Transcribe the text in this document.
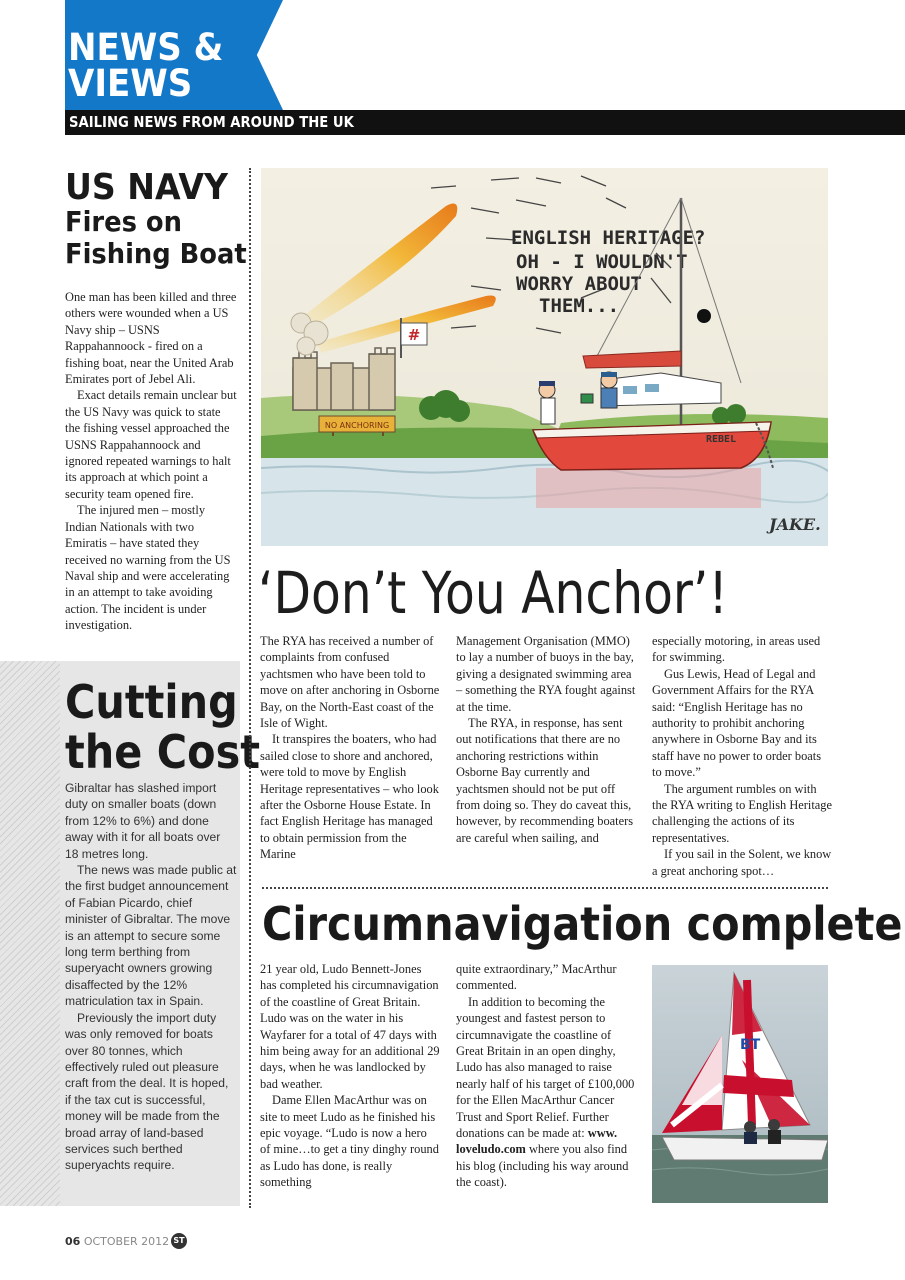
NEWS & VIEWS
SAILING NEWS FROM AROUND THE UK
US NAVY
Fires on
Fishing Boat

One man has been killed and three others were wounded when a US Navy ship – USNS Rappahannoock - fired on a fishing boat, near the United Arab Emirates port of Jebel Ali.

Exact details remain unclear but the US Navy was quick to state the fishing vessel approached the USNS Rappahannoock and ignored repeated warnings to halt its approach at which point a security team opened fire.

The injured men – mostly Indian Nationals with two Emiratis – have stated they received no warning from the US Naval ship and were accelerating in an attempt to take avoiding action. The incident is under investigation.

Cutting
the Cost

Gibraltar has slashed import duty on smaller boats (down from 12% to 6%) and done away with it for all boats over 18 metres long.

The news was made public at the first budget announcement of Fabian Picardo, chief minister of Gibraltar. The move is an attempt to secure some long term berthing from superyacht owners growing disaffected by the 12% matriculation tax in Spain.

Previously the import duty was only removed for boats over 80 tonnes, which effectively ruled out pleasure craft from the deal. It is hoped, if the tax cut is successful, money will be made from the broad array of land-based services such berthed superyachts require.

#
NO ANCHORING
ENGLISH HERITAGE?
OH - I WOULDN'T
WORRY ABOUT
THEM...
REBEL
JAKE.
‘Don’t You Anchor’!

The RYA has received a number of complaints from confused yachtsmen who have been told to move on after anchoring in Osborne Bay, on the North-East coast of the Isle of Wight.

It transpires the boaters, who had sailed close to shore and anchored, were told to move by English Heritage representatives – who look after the Osborne House Estate. In fact English Heritage has managed to obtain permission from the Marine

Management Organisation (MMO) to lay a number of buoys in the bay, giving a designated swimming area – something the RYA fought against at the time.

The RYA, in response, has sent out notifications that there are no anchoring restrictions within Osborne Bay currently and yachtsmen should not be put off from doing so. They do caveat this, however, by recommending boaters are careful when sailing, and

especially motoring, in areas used for swimming.

Gus Lewis, Head of Legal and Government Affairs for the RYA said: “English Heritage has no authority to prohibit anchoring anywhere in Osborne Bay and its staff have no power to order boats to move.”

The argument rumbles on with the RYA writing to English Heritage challenging the actions of its representatives.

If you sail in the Solent, we know a great anchoring spot…

Circumnavigation complete

21 year old, Ludo Bennett-Jones has completed his circumnavigation of the coastline of Great Britain. Ludo was on the water in his Wayfarer for a total of 47 days with him being away for an additional 29 days, when he was landlocked by bad weather.

Dame Ellen MacArthur was on site to meet Ludo as he finished his epic voyage. “Ludo is now a hero of mine…to get a tiny dinghy round as Ludo has done, is really something

quite extraordinary,” MacArthur commented.

In addition to becoming the youngest and fastest person to circumnavigate the coastline of Great Britain in an open dinghy, Ludo has also managed to raise nearly half of his target of £100,000 for the Ellen MacArthur Cancer Trust and Sport Relief. Further donations can be made at: www. loveludo.com where you also find his blog (including his way around the coast).

BT
06 OCTOBER 2012 ST
